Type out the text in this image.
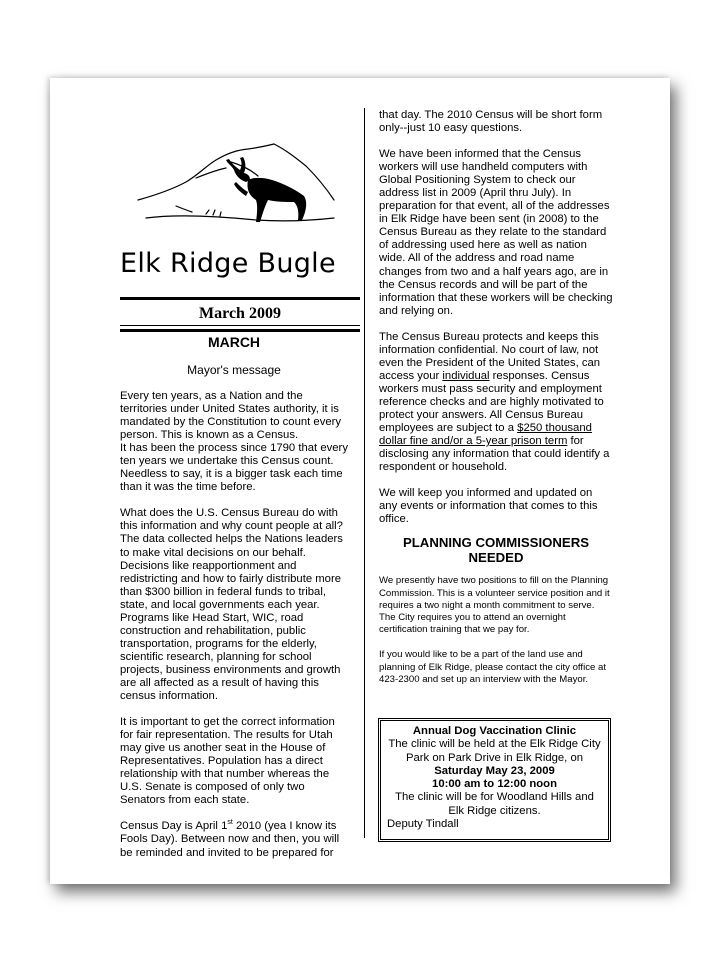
Elk Ridge Bugle
March 2009

MARCH

Mayor's message

Every ten years, as a Nation and the territories under United States authority, it is mandated by the Constitution to count every person. This is known as a Census.

It has been the process since 1790 that every ten years we undertake this Census count. Needless to say, it is a bigger task each time than it was the time before.

What does the U.S. Census Bureau do with this information and why count people at all? The data collected helps the Nations leaders to make vital decisions on our behalf. Decisions like reapportionment and redistricting and how to fairly distribute more than $300 billion in federal funds to tribal, state, and local governments each year. Programs like Head Start, WIC, road construction and rehabilitation, public transportation, programs for the elderly, scientific research, planning for school projects, business environments and growth are all affected as a result of having this census information.

It is important to get the correct information for fair representation. The results for Utah may give us another seat in the House of Representatives. Population has a direct relationship with that number whereas the U.S. Senate is composed of only two Senators from each state.

Census Day is April 1st 2010 (yea I know its Fools Day). Between now and then, you will be reminded and invited to be prepared for

that day. The 2010 Census will be short form only--just 10 easy questions.

We have been informed that the Census workers will use handheld computers with Global Positioning System to check our address list in 2009 (April thru July). In preparation for that event, all of the addresses in Elk Ridge have been sent (in 2008) to the Census Bureau as they relate to the standard of addressing used here as well as nation wide. All of the address and road name changes from two and a half years ago, are in the Census records and will be part of the information that these workers will be checking and relying on.

The Census Bureau protects and keeps this information confidential. No court of law, not even the President of the United States, can access your individual responses. Census workers must pass security and employment reference checks and are highly motivated to protect your answers. All Census Bureau employees are subject to a $250 thousand dollar fine and/or a 5-year prison term for disclosing any information that could identify a respondent or household.

We will keep you informed and updated on any events or information that comes to this office.

PLANNING COMMISSIONERS
NEEDED

We presently have two positions to fill on the Planning Commission. This is a volunteer service position and it requires a two night a month commitment to serve. The City requires you to attend an overnight certification training that we pay for.

If you would like to be a part of the land use and planning of Elk Ridge, please contact the city office at 423-2300 and set up an interview with the Mayor.

Annual Dog Vaccination Clinic
The clinic will be held at the Elk Ridge City Park on Park Drive in Elk Ridge, on
Saturday May 23, 2009
10:00 am to 12:00 noon
The clinic will be for Woodland Hills and Elk Ridge citizens.
Deputy Tindall
